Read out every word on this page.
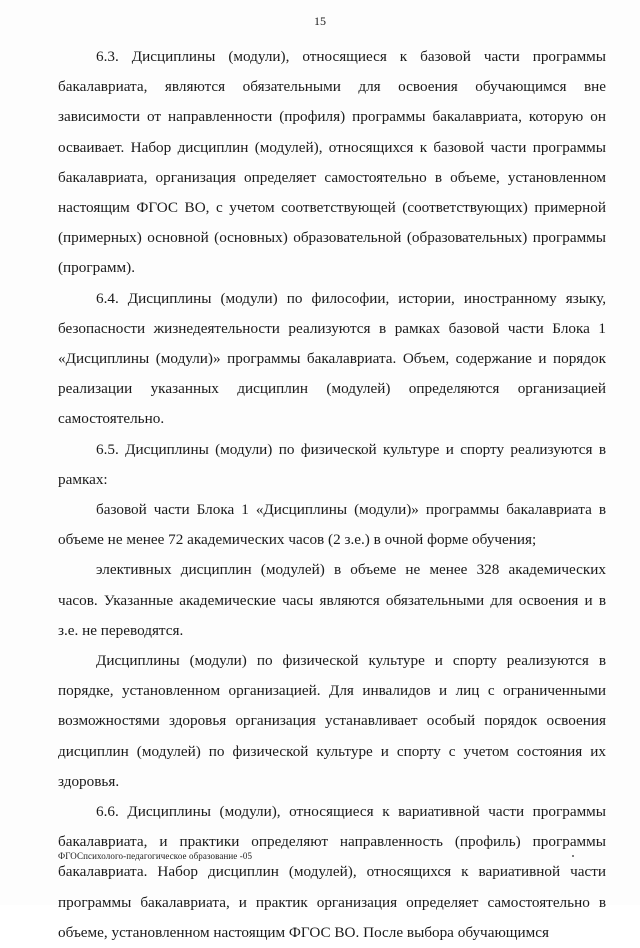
15

6.3. Дисциплины (модули), относящиеся к базовой части программы бакалавриата, являются обязательными для освоения обучающимся вне зависимости от направленности (профиля) программы бакалавриата, которую он осваивает. Набор дисциплин (модулей), относящихся к базовой части программы бакалавриата, организация определяет самостоятельно в объеме, установленном настоящим ФГОС ВО, с учетом соответствующей (соответствующих) примерной (примерных) основной (основных) образовательной (образовательных) программы (программ).

6.4. Дисциплины (модули) по философии, истории, иностранному языку, безопасности жизнедеятельности реализуются в рамках базовой части Блока 1 «Дисциплины (модули)» программы бакалавриата. Объем, содержание и порядок реализации указанных дисциплин (модулей) определяются организацией самостоятельно.

6.5. Дисциплины (модули) по физической культуре и спорту реализуются в рамках:

базовой части Блока 1 «Дисциплины (модули)» программы бакалавриата в объеме не менее 72 академических часов (2 з.е.) в очной форме обучения;

элективных дисциплин (модулей) в объеме не менее 328 академических часов. Указанные академические часы являются обязательными для освоения и в з.е. не переводятся.

Дисциплины (модули) по физической культуре и спорту реализуются в порядке, установленном организацией. Для инвалидов и лиц с ограниченными возможностями здоровья организация устанавливает особый порядок освоения дисциплин (модулей) по физической культуре и спорту с учетом состояния их здоровья.

6.6. Дисциплины (модули), относящиеся к вариативной части программы бакалавриата, и практики определяют направленность (профиль) программы бакалавриата. Набор дисциплин (модулей), относящихся к вариативной части программы бакалавриата, и практик организация определяет самостоятельно в объеме, установленном настоящим ФГОС ВО. После выбора обучающимся

ФГОСпсихолого-педагогическое образование -05
